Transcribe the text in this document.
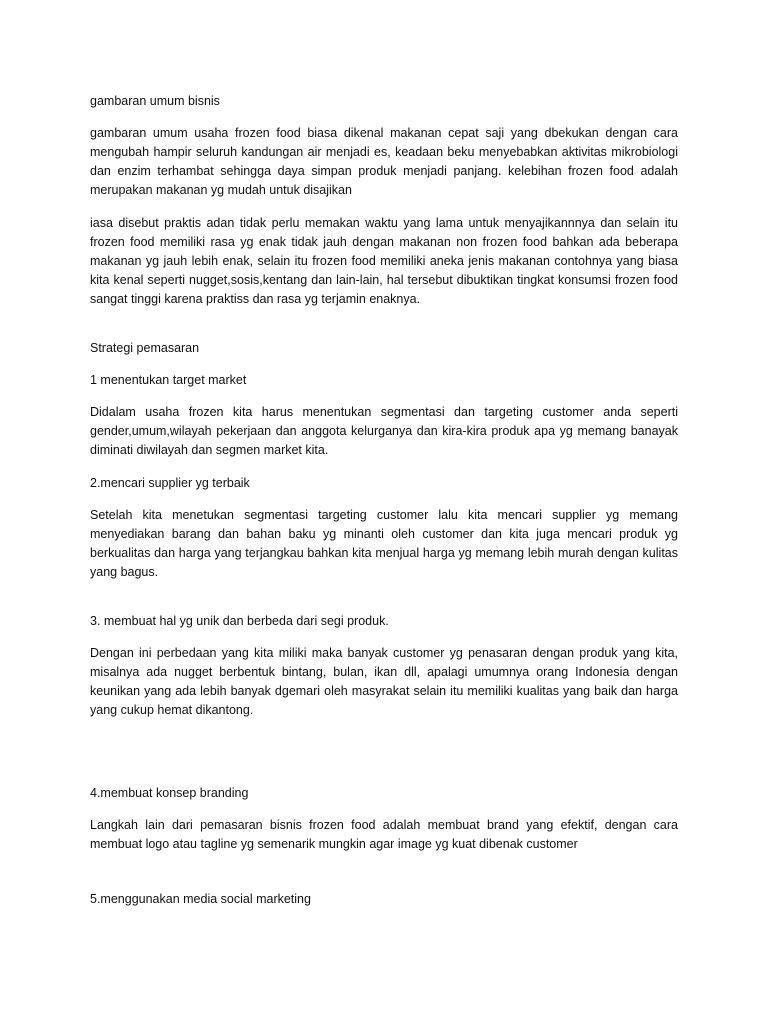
gambaran umum bisnis

gambaran umum usaha frozen food biasa dikenal makanan cepat saji yang dbekukan dengan cara mengubah hampir seluruh kandungan air menjadi es, keadaan beku menyebabkan aktivitas mikrobiologi dan enzim terhambat sehingga daya simpan produk menjadi panjang. kelebihan frozen food adalah merupakan makanan yg mudah untuk disajikan

iasa disebut praktis adan tidak perlu memakan waktu yang lama untuk menyajikannnya dan selain itu frozen food memiliki rasa yg enak tidak jauh dengan makanan non frozen food bahkan ada beberapa makanan yg jauh lebih enak, selain itu frozen food memiliki aneka jenis makanan contohnya yang biasa kita kenal seperti nugget,sosis,kentang dan lain-lain, hal tersebut dibuktikan tingkat konsumsi frozen food sangat tinggi karena praktiss dan rasa yg terjamin enaknya.

Strategi pemasaran

1 menentukan target market

Didalam usaha frozen kita harus menentukan segmentasi dan targeting customer anda seperti gender,umum,wilayah pekerjaan dan anggota kelurganya dan kira-kira produk apa yg memang banayak diminati diwilayah dan segmen market kita.

2.mencari supplier yg terbaik

Setelah kita menetukan segmentasi targeting customer lalu kita mencari supplier yg memang menyediakan barang dan bahan baku yg minanti oleh customer dan kita juga mencari produk yg berkualitas dan harga yang terjangkau bahkan kita menjual harga yg memang lebih murah dengan kulitas yang bagus.

3. membuat hal yg unik dan berbeda dari segi produk.

Dengan ini perbedaan yang kita miliki maka banyak customer yg penasaran dengan produk yang kita, misalnya ada nugget berbentuk bintang, bulan, ikan dll, apalagi umumnya orang Indonesia dengan keunikan yang ada lebih banyak dgemari oleh masyrakat selain itu memiliki kualitas yang baik dan harga yang cukup hemat dikantong.

4.membuat konsep branding

Langkah lain dari pemasaran bisnis frozen food adalah membuat brand yang efektif, dengan cara membuat logo atau tagline yg semenarik mungkin agar image yg kuat dibenak customer

5.menggunakan media social marketing
